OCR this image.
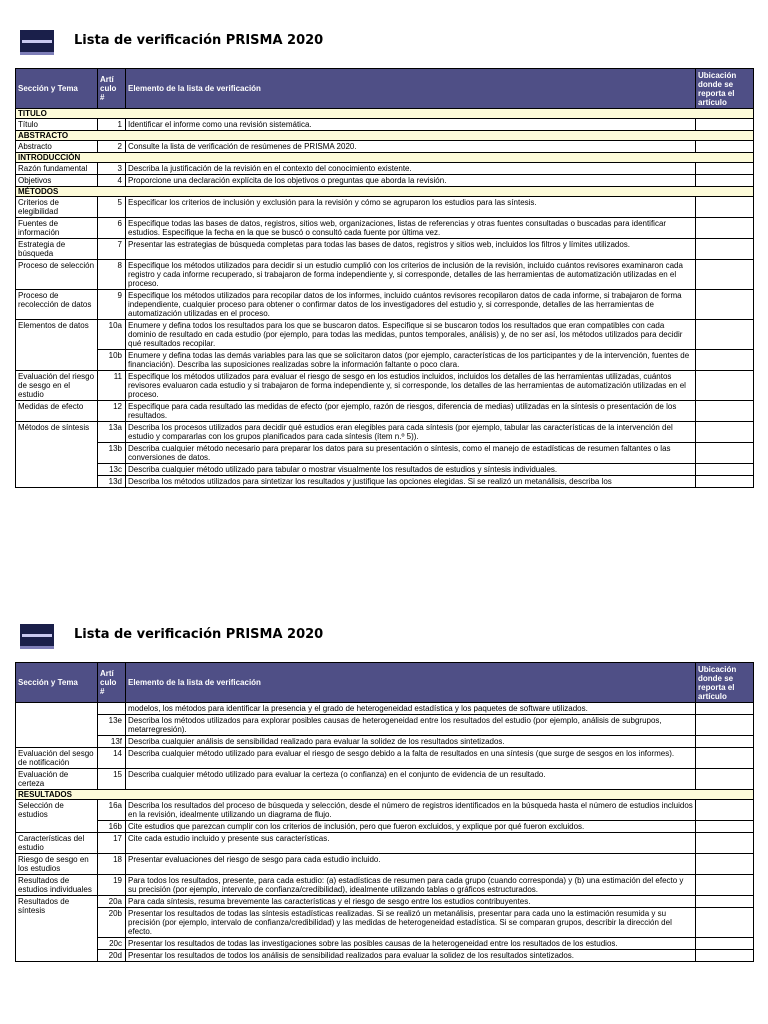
Lista de verificación PRISMA 2020
Sección y Tema	Artí culo #	Elemento de la lista de verificación	Ubicación donde se reporta el artículo
TITULO			
Título	1	Identificar el informe como una revisión sistemática.	
ABSTRACTO			
Abstracto	2	Consulte la lista de verificación de resúmenes de PRISMA 2020.	
INTRODUCCIÓN			
Razón fundamental	3	Describa la justificación de la revisión en el contexto del conocimiento existente.	
Objetivos	4	Proporcione una declaración explícita de los objetivos o preguntas que aborda la revisión.	
MÉTODOS			
Criterios de elegibilidad	5	Especificar los criterios de inclusión y exclusión para la revisión y cómo se agruparon los estudios para las síntesis.	
Fuentes de información	6	Especifique todas las bases de datos, registros, sitios web, organizaciones, listas de referencias y otras fuentes consultadas o buscadas para identificar estudios. Especifique la fecha en la que se buscó o consultó cada fuente por última vez.	
Estrategia de búsqueda	7	Presentar las estrategias de búsqueda completas para todas las bases de datos, registros y sitios web, incluidos los filtros y límites utilizados.	
Proceso de selección	8	Especifique los métodos utilizados para decidir si un estudio cumplió con los criterios de inclusión de la revisión, incluido cuántos revisores examinaron cada registro y cada informe recuperado, si trabajaron de forma independiente y, si corresponde, detalles de las herramientas de automatización utilizadas en el proceso.	
Proceso de recolección de datos	9	Especifique los métodos utilizados para recopilar datos de los informes, incluido cuántos revisores recopilaron datos de cada informe, si trabajaron de forma independiente, cualquier proceso para obtener o confirmar datos de los investigadores del estudio y, si corresponde, detalles de las herramientas de automatización utilizadas en el proceso.	
Elementos de datos	10a	Enumere y defina todos los resultados para los que se buscaron datos. Especifique si se buscaron todos los resultados que eran compatibles con cada dominio de resultado en cada estudio (por ejemplo, para todas las medidas, puntos temporales, análisis) y, de no ser así, los métodos utilizados para decidir qué resultados recopilar.	
	10b	Enumere y defina todas las demás variables para las que se solicitaron datos (por ejemplo, características de los participantes y de la intervención, fuentes de financiación). Describa las suposiciones realizadas sobre la información faltante o poco clara.	
Evaluación del riesgo de sesgo en el estudio	11	Especifique los métodos utilizados para evaluar el riesgo de sesgo en los estudios incluidos, incluidos los detalles de las herramientas utilizadas, cuántos revisores evaluaron cada estudio y si trabajaron de forma independiente y, si corresponde, los detalles de las herramientas de automatización utilizadas en el proceso.	
Medidas de efecto	12	Especifique para cada resultado las medidas de efecto (por ejemplo, razón de riesgos, diferencia de medias) utilizadas en la síntesis o presentación de los resultados.	
Métodos de síntesis	13a	Describa los procesos utilizados para decidir qué estudios eran elegibles para cada síntesis (por ejemplo, tabular las características de la intervención del estudio y compararlas con los grupos planificados para cada síntesis (ítem n.º 5)).	
	13b	Describa cualquier método necesario para preparar los datos para su presentación o síntesis, como el manejo de estadísticas de resumen faltantes o las conversiones de datos.	
	13c	Describa cualquier método utilizado para tabular o mostrar visualmente los resultados de estudios y síntesis individuales.	
	13d	Describa los métodos utilizados para sintetizar los resultados y justifique las opciones elegidas. Si se realizó un metanálisis, describa los	
Lista de verificación PRISMA 2020
Sección y Tema	Artí culo #	Elemento de la lista de verificación	Ubicación donde se reporta el artículo
		modelos, los métodos para identificar la presencia y el grado de heterogeneidad estadística y los paquetes de software utilizados.	
	13e	Describa los métodos utilizados para explorar posibles causas de heterogeneidad entre los resultados del estudio (por ejemplo, análisis de subgrupos, metarregresión).	
	13f	Describa cualquier análisis de sensibilidad realizado para evaluar la solidez de los resultados sintetizados.	
Evaluación del sesgo de notificación	14	Describa cualquier método utilizado para evaluar el riesgo de sesgo debido a la falta de resultados en una síntesis (que surge de sesgos en los informes).	
Evaluación de certeza	15	Describa cualquier método utilizado para evaluar la certeza (o confianza) en el conjunto de evidencia de un resultado.	
RESULTADOS			
Selección de estudios	16a	Describa los resultados del proceso de búsqueda y selección, desde el número de registros identificados en la búsqueda hasta el número de estudios incluidos en la revisión, idealmente utilizando un diagrama de flujo.	
	16b	Cite estudios que parezcan cumplir con los criterios de inclusión, pero que fueron excluidos, y explique por qué fueron excluidos.	
Características del estudio	17	Cite cada estudio incluido y presente sus características.	
Riesgo de sesgo en los estudios	18	Presentar evaluaciones del riesgo de sesgo para cada estudio incluido.	
Resultados de estudios individuales	19	Para todos los resultados, presente, para cada estudio: (a) estadísticas de resumen para cada grupo (cuando corresponda) y (b) una estimación del efecto y su precisión (por ejemplo, intervalo de confianza/credibilidad), idealmente utilizando tablas o gráficos estructurados.	
Resultados de síntesis	20a	Para cada síntesis, resuma brevemente las características y el riesgo de sesgo entre los estudios contribuyentes.	
	20b	Presentar los resultados de todas las síntesis estadísticas realizadas. Si se realizó un metanálisis, presentar para cada uno la estimación resumida y su precisión (por ejemplo, intervalo de confianza/credibilidad) y las medidas de heterogeneidad estadística. Si se comparan grupos, describir la dirección del efecto.	
	20c	Presentar los resultados de todas las investigaciones sobre las posibles causas de la heterogeneidad entre los resultados de los estudios.	
	20d	Presentar los resultados de todos los análisis de sensibilidad realizados para evaluar la solidez de los resultados sintetizados.	
